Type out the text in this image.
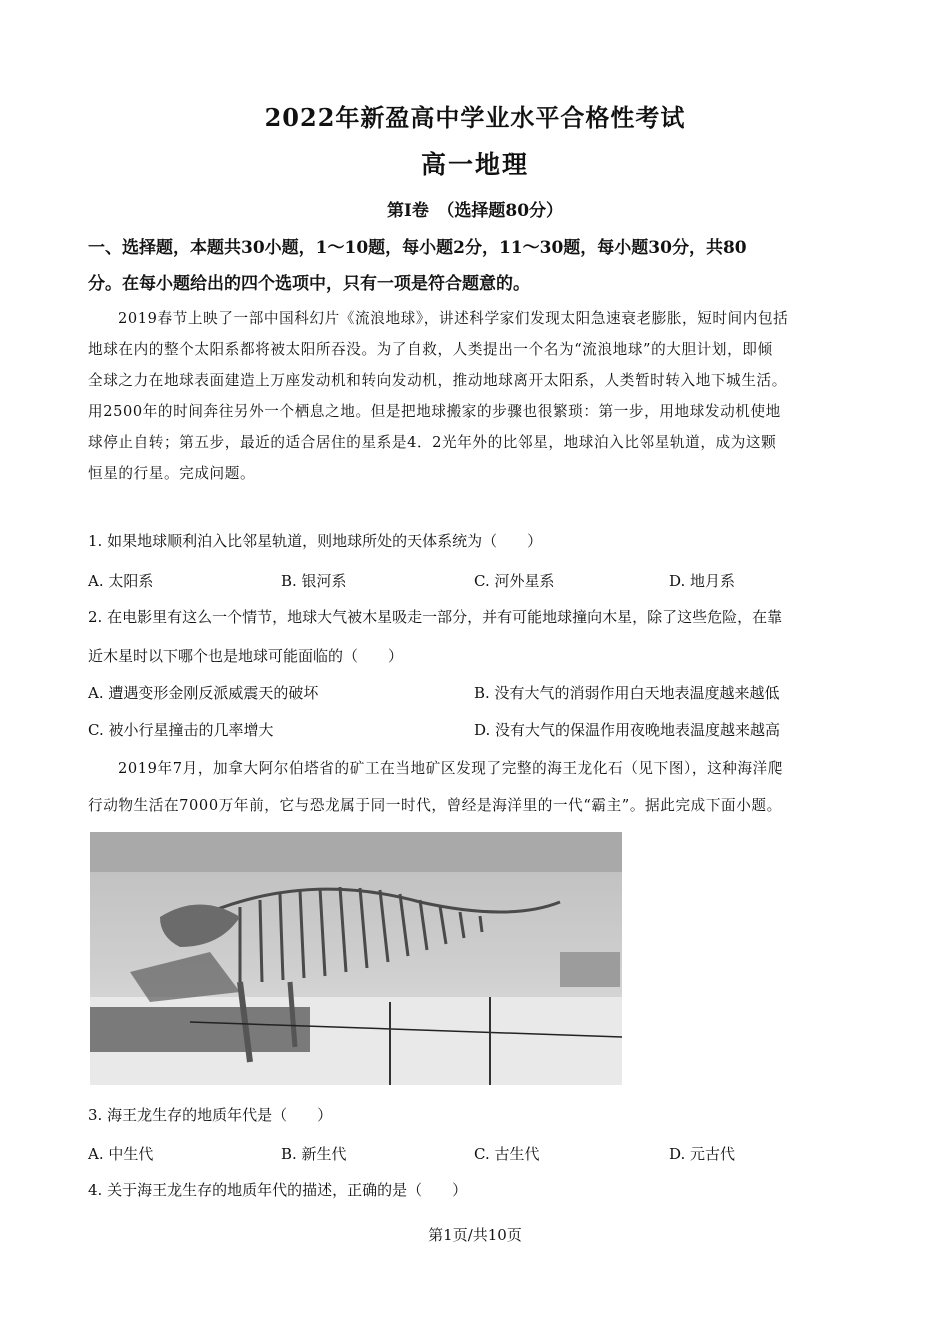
2022年新盈高中学业水平合格性考试
高一地理
第Ⅰ卷　（选择题80分）
一、选择题，本题共30小题，1～10题，每小题2分，11～30题，每小题30分，共80
分。在每小题给出的四个选项中，只有一项是符合题意的。
2019春节上映了一部中国科幻片《流浪地球》，讲述科学家们发现太阳急速衰老膨胀，短时间内包括
地球在内的整个太阳系都将被太阳所吞没。为了自救，人类提出一个名为“流浪地球”的大胆计划，即倾
全球之力在地球表面建造上万座发动机和转向发动机，推动地球离开太阳系，人类暂时转入地下城生活。
用2500年的时间奔往另外一个栖息之地。但是把地球搬家的步骤也很繁琐：第一步，用地球发动机使地
球停止自转；第五步，最近的适合居住的星系是4．2光年外的比邻星，地球泊入比邻星轨道，成为这颗
恒星的行星。完成问题。
1. 如果地球顺利泊入比邻星轨道，则地球所处的天体系统为（　　）
A. 太阳系	B. 银河系	C. 河外星系	D. 地月系
2. 在电影里有这么一个情节，地球大气被木星吸走一部分，并有可能地球撞向木星，除了这些危险，在靠
近木星时以下哪个也是地球可能面临的（　　）
A. 遭遇变形金刚反派威震天的破坏	B. 没有大气的消弱作用白天地表温度越来越低
C. 被小行星撞击的几率增大	D. 没有大气的保温作用夜晚地表温度越来越高
2019年7月，加拿大阿尔伯塔省的矿工在当地矿区发现了完整的海王龙化石（见下图），这种海洋爬
行动物生活在7000万年前，它与恐龙属于同一时代，曾经是海洋里的一代“霸主”。据此完成下面小题。
3. 海王龙生存的地质年代是（　　）
A. 中生代	B. 新生代	C. 古生代	D. 元古代
4. 关于海王龙生存的地质年代的描述，正确的是（　　）
第1页/共10页
